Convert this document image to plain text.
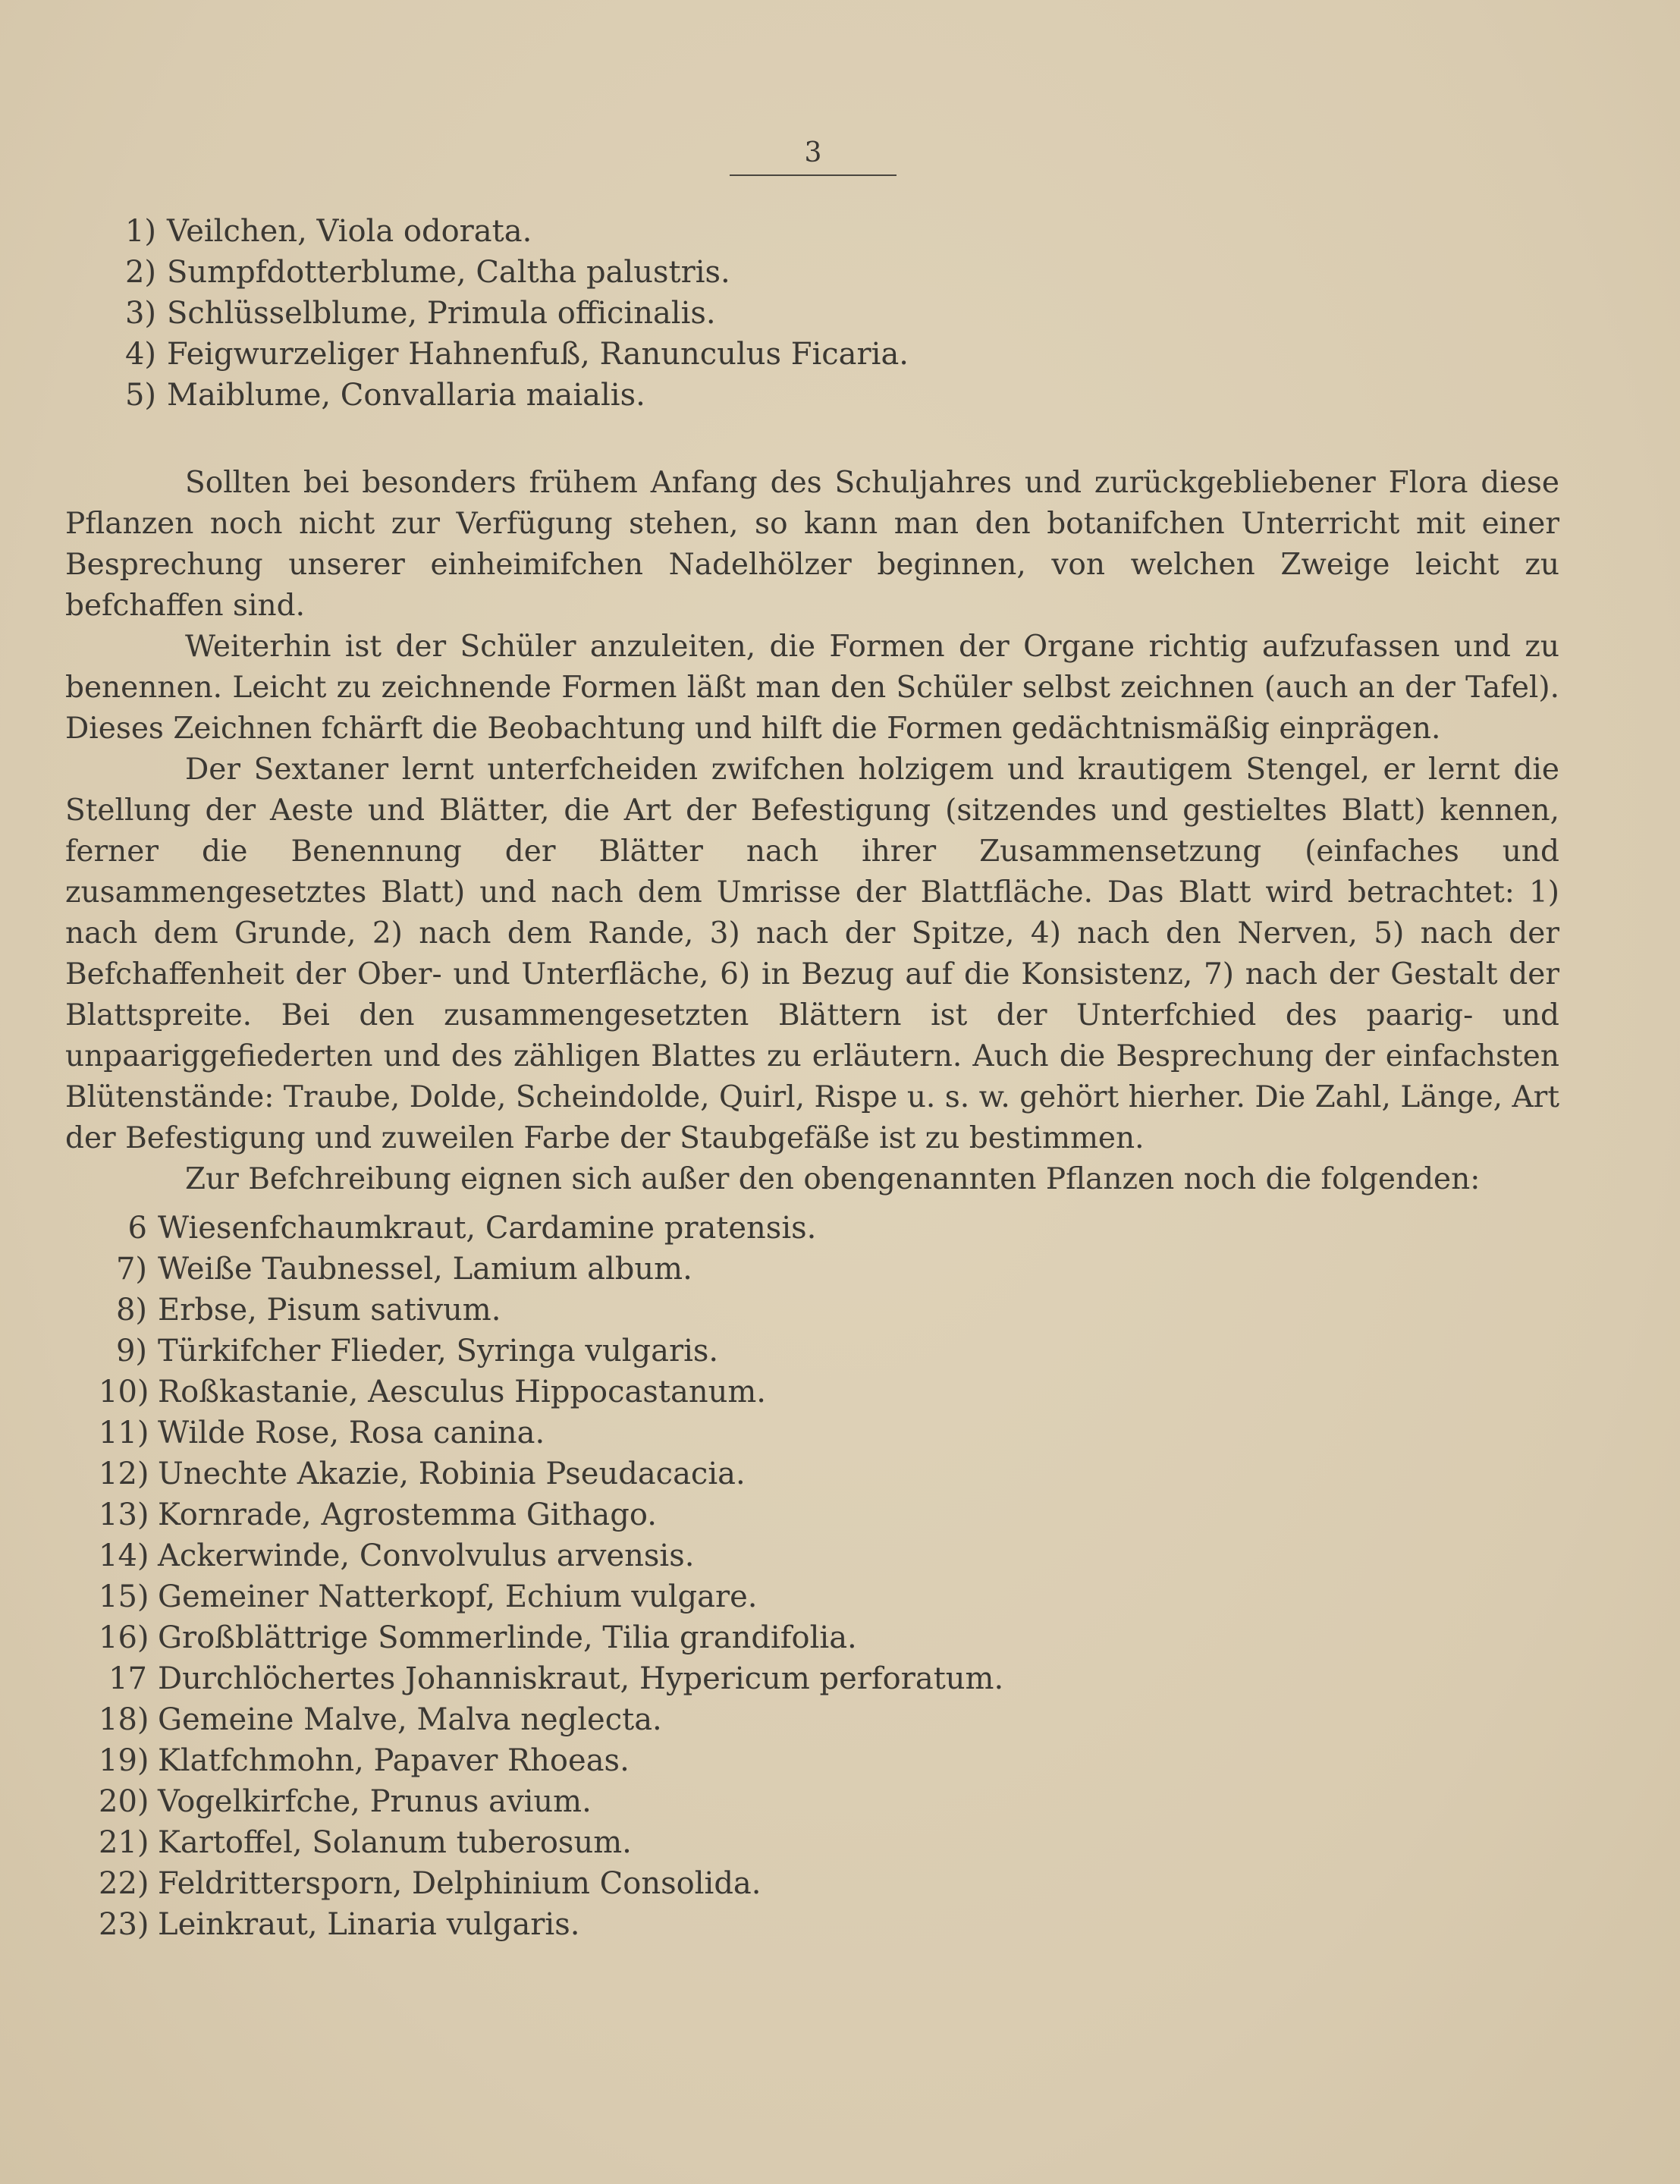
3
1) Veilchen, Viola odorata.
2) Sumpfdotterblume, Caltha palustris.
3) Schlüsselblume, Primula officinalis.
4) Feigwurzeliger Hahnenfuß, Ranunculus Ficaria.
5) Maiblume, Convallaria maialis.

Sollten bei besonders frühem Anfang des Schuljahres und zurückgebliebener Flora diese Pflanzen noch nicht zur Verfügung stehen, so kann man den botanifchen Unterricht mit einer Besprechung unserer einheimifchen Nadelhölzer beginnen, von welchen Zweige leicht zu befchaffen sind.

Weiterhin ist der Schüler anzuleiten, die Formen der Organe richtig aufzufassen und zu benennen. Leicht zu zeichnende Formen läßt man den Schüler selbst zeichnen (auch an der Tafel). Dieses Zeichnen fchärft die Beobachtung und hilft die Formen gedächtnismäßig einprägen.

Der Sextaner lernt unterfcheiden zwifchen holzigem und krautigem Stengel, er lernt die Stellung der Aeste und Blätter, die Art der Befestigung (sitzendes und gestieltes Blatt) kennen, ferner die Benennung der Blätter nach ihrer Zusammensetzung (einfaches und zusammengesetztes Blatt) und nach dem Umrisse der Blattfläche. Das Blatt wird betrachtet: 1) nach dem Grunde, 2) nach dem Rande, 3) nach der Spitze, 4) nach den Nerven, 5) nach der Befchaffenheit der Ober- und Unterfläche, 6) in Bezug auf die Konsistenz, 7) nach der Gestalt der Blattspreite. Bei den zusammengesetzten Blättern ist der Unterfchied des paarig- und unpaariggefiederten und des zähligen Blattes zu erläutern. Auch die Besprechung der einfachsten Blütenstände: Traube, Dolde, Scheindolde, Quirl, Rispe u. s. w. gehört hierher. Die Zahl, Länge, Art der Befestigung und zuweilen Farbe der Staubgefäße ist zu bestimmen.

Zur Befchreibung eignen sich außer den obengenannten Pflanzen noch die folgenden:

6 Wiesenfchaumkraut, Cardamine pratensis.
7) Weiße Taubnessel, Lamium album.
8) Erbse, Pisum sativum.
9) Türkifcher Flieder, Syringa vulgaris.
10) Roßkastanie, Aesculus Hippocastanum.
11) Wilde Rose, Rosa canina.
12) Unechte Akazie, Robinia Pseudacacia.
13) Kornrade, Agrostemma Githago.
14) Ackerwinde, Convolvulus arvensis.
15) Gemeiner Natterkopf, Echium vulgare.
16) Großblättrige Sommerlinde, Tilia grandifolia.
17 Durchlöchertes Johanniskraut, Hypericum perforatum.
18) Gemeine Malve, Malva neglecta.
19) Klatfchmohn, Papaver Rhoeas.
20) Vogelkirfche, Prunus avium.
21) Kartoffel, Solanum tuberosum.
22) Feldrittersporn, Delphinium Consolida.
23) Leinkraut, Linaria vulgaris.
